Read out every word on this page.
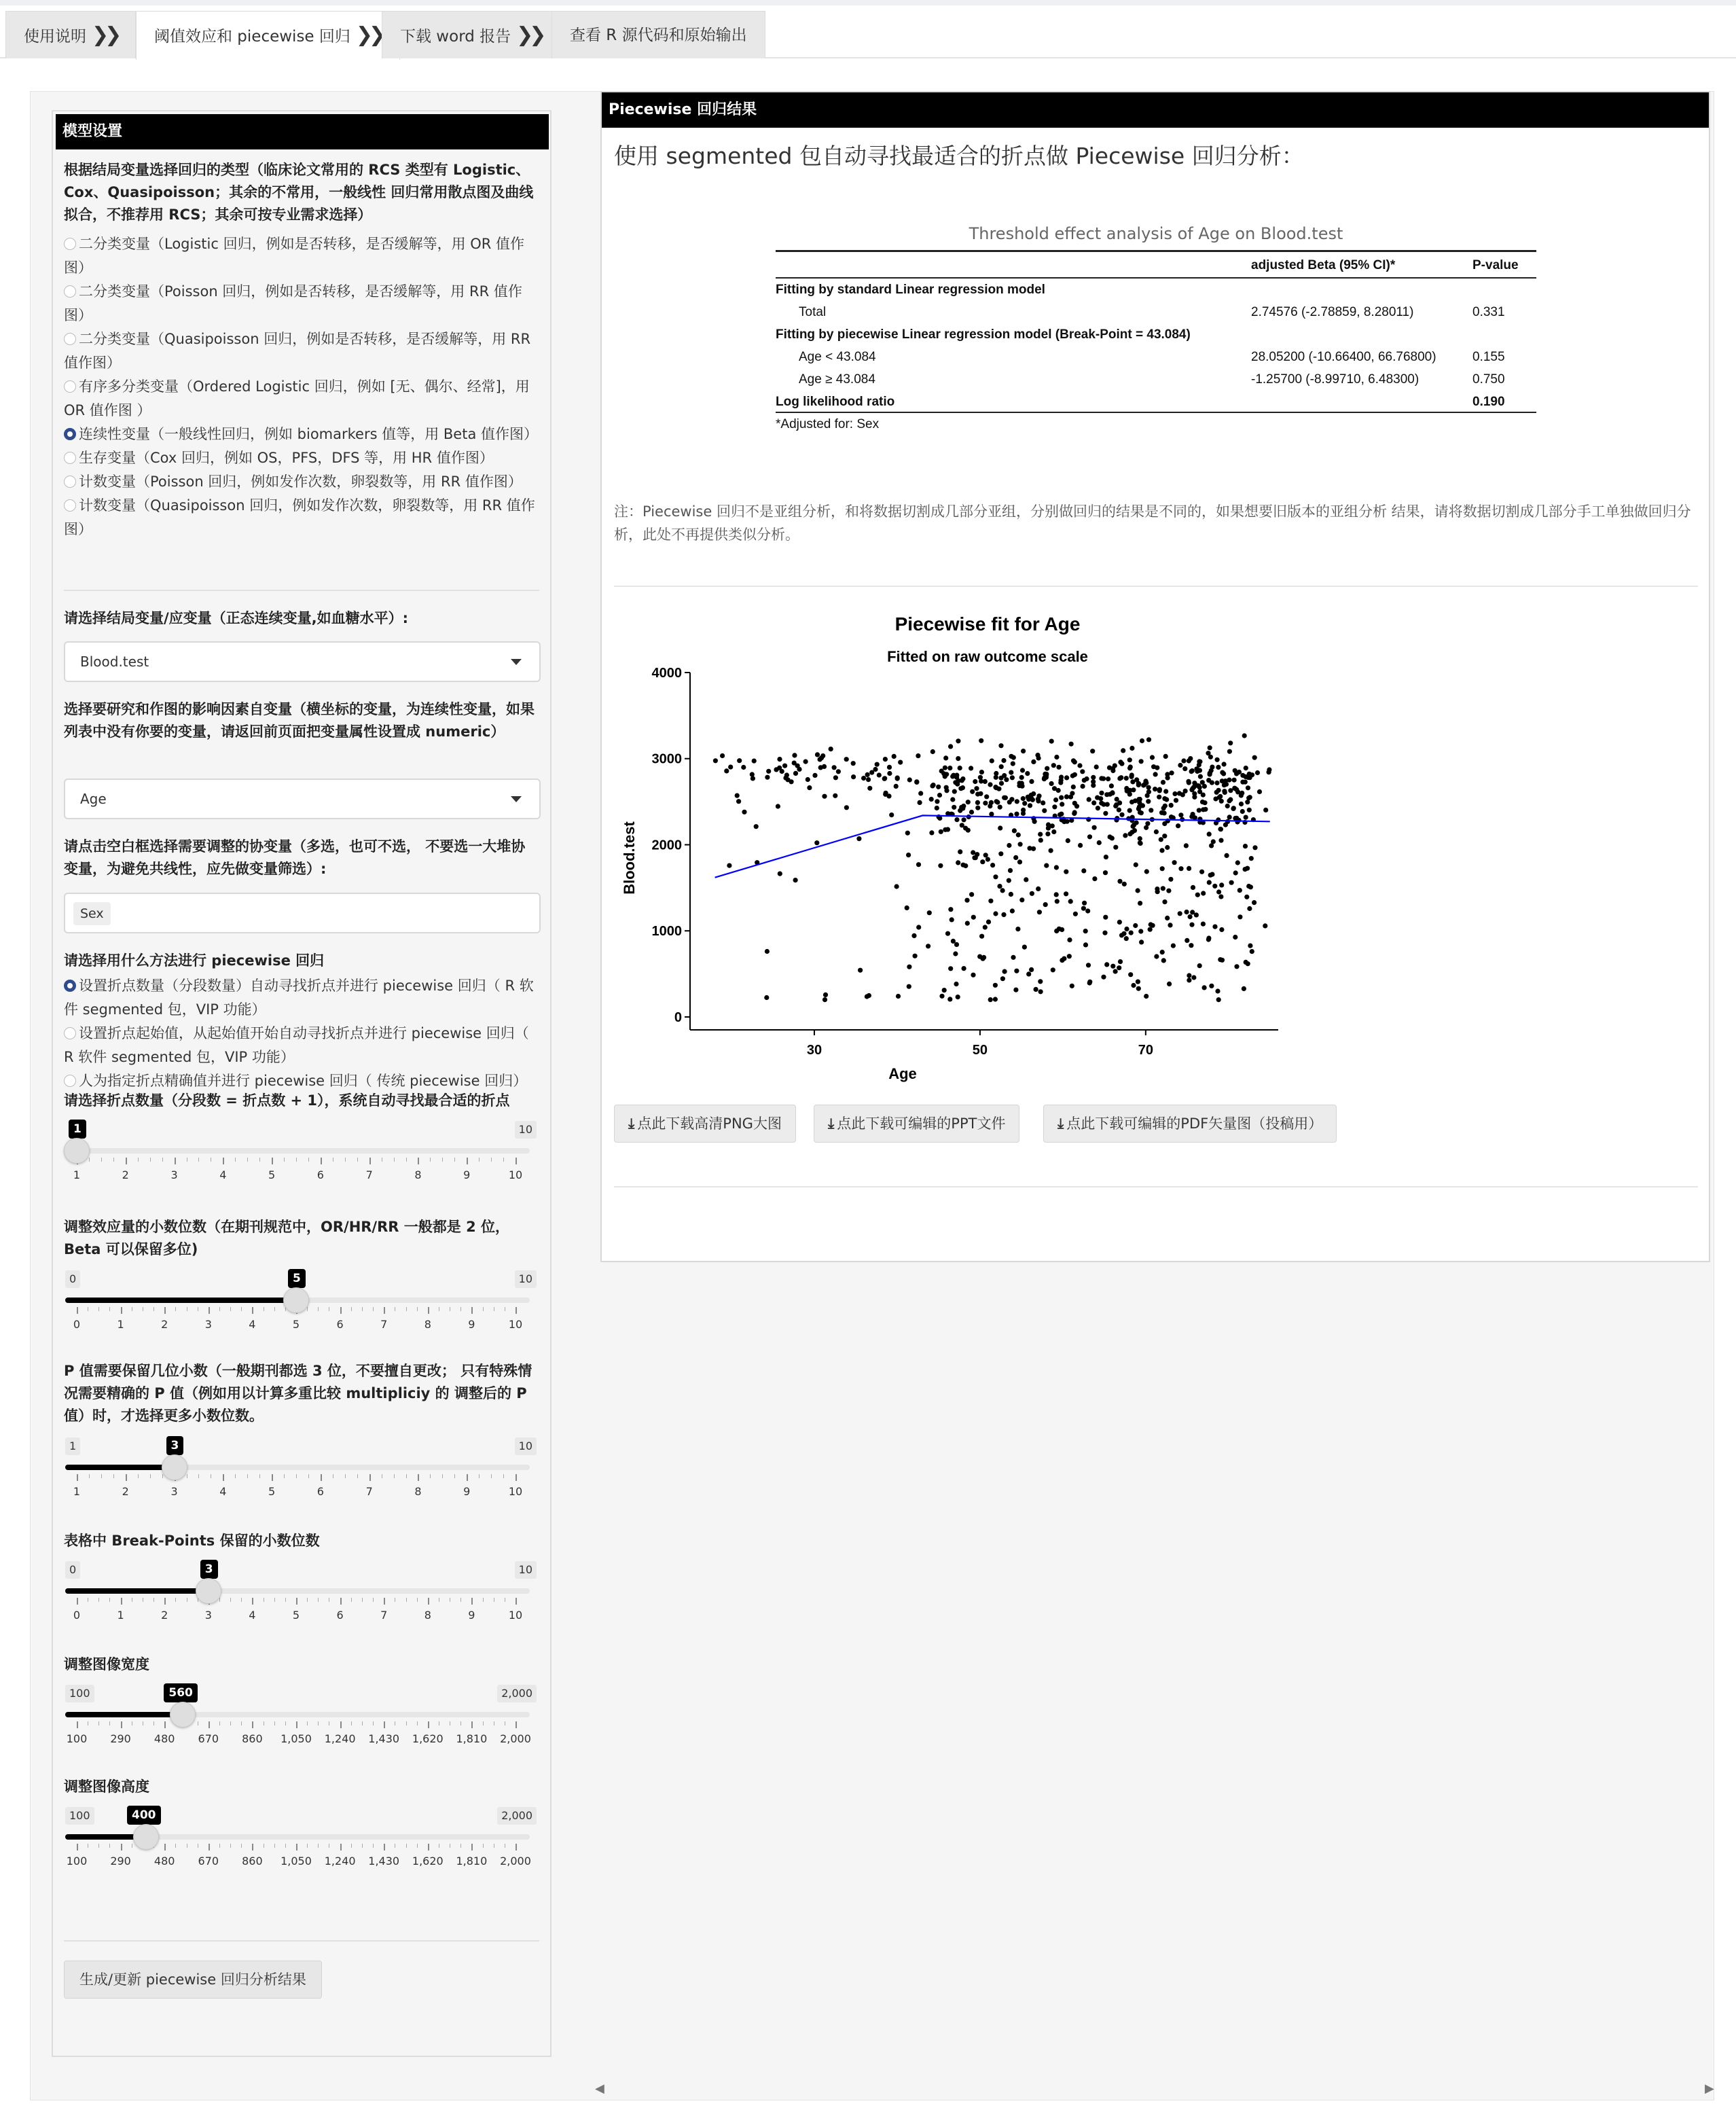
使用说明 ❯❯	阈值效应和 piecewise 回归 ❯❯	下载 word 报告 ❯❯	查看 R 源代码和原始输出
模型设置
根据结局变量选择回归的类型（临床论文常用的 RCS 类型有 Logistic、Cox、Quasipoisson；其余的不常用，一般线性 回归常用散点图及曲线拟合，不推荐用 RCS；其余可按专业需求选择）
二分类变量（Logistic 回归，例如是否转移，是否缓解等，用 OR 值作图）
二分类变量（Poisson 回归，例如是否转移，是否缓解等，用 RR 值作图）
二分类变量（Quasipoisson 回归，例如是否转移，是否缓解等，用 RR 值作图）
有序多分类变量（Ordered Logistic 回归，例如 [无、偶尔、经常]，用 OR 值作图 ）
连续性变量（一般线性回归，例如 biomarkers 值等，用 Beta 值作图）
生存变量（Cox 回归，例如 OS，PFS，DFS 等，用 HR 值作图）
计数变量（Poisson 回归，例如发作次数，卵裂数等，用 RR 值作图）
计数变量（Quasipoisson 回归，例如发作次数，卵裂数等，用 RR 值作图）
请选择结局变量/应变量（正态连续变量,如血糖水平）:
Blood.test
选择要研究和作图的影响因素自变量（横坐标的变量，为连续性变量，如果列表中没有你要的变量，请返回前页面把变量属性设置成 numeric）
Age
请点击空白框选择需要调整的协变量（多选，也可不选， 不要选一大堆协变量，为避免共线性，应先做变量筛选）:
Sex
请选择用什么方法进行 piecewise 回归
设置折点数量（分段数量）自动寻找折点并进行 piecewise 回归（ R 软件 segmented 包，VIP 功能）
设置折点起始值，从起始值开始自动寻找折点并进行 piecewise 回归（ R 软件 segmented 包，VIP 功能）
人为指定折点精确值并进行 piecewise 回归（ 传统 piecewise 回归）
请选择折点数量（分段数 = 折点数 + 1），系统自动寻找最合适的折点
10
1
1	2	3	4	5	6	7	8	9	10
调整效应量的小数位数（在期刊规范中，OR/HR/RR 一般都是 2 位，Beta 可以保留多位)
0	10
5
0	1	2	3	4	5	6	7	8	9	10
P 值需要保留几位小数（一般期刊都选 3 位，不要擅自更改； 只有特殊情况需要精确的 P 值（例如用以计算多重比较 multipliciy 的 调整后的 P 值）时，才选择更多小数位数。
1	10
3
1	2	3	4	5	6	7	8	9	10
表格中 Break-Points 保留的小数位数
0	10
3
0	1	2	3	4	5	6	7	8	9	10
调整图像宽度
100	2,000
560
100	290	480	670	860	1,050	1,240	1,430	1,620	1,810	2,000
调整图像高度
100	2,000
400
100	290	480	670	860	1,050	1,240	1,430	1,620	1,810	2,000
生成/更新 piecewise 回归分析结果
Piecewise 回归结果
使用 segmented 包自动寻找最适合的折点做 Piecewise 回归分析：
Threshold effect analysis of Age on Blood.test
adjusted Beta (95% CI)*	P-value
Fitting by standard Linear regression model
Total	2.74576 (-2.78859, 8.28011)	0.331
Fitting by piecewise Linear regression model (Break-Point = 43.084)
Age < 43.084	28.05200 (-10.66400, 66.76800)	0.155
Age ≥ 43.084	-1.25700 (-8.99710, 6.48300)	0.750
Log likelihood ratio	0.190
*Adjusted for: Sex
注：Piecewise 回归不是亚组分析，和将数据切割成几部分亚组，分别做回归的结果是不同的，如果想要旧版本的亚组分析 结果，请将数据切割成几部分手工单独做回归分析，此处不再提供类似分析。
Piecewise fit for Age
Fitted on raw outcome scale
0
1000
2000
3000
4000
30	50	70
Age
Blood.test
⤓ 点此下载高清PNG大图	⤓ 点此下载可编辑的PPT文件	⤓ 点此下载可编辑的PDF矢量图（投稿用）
◀	▶
